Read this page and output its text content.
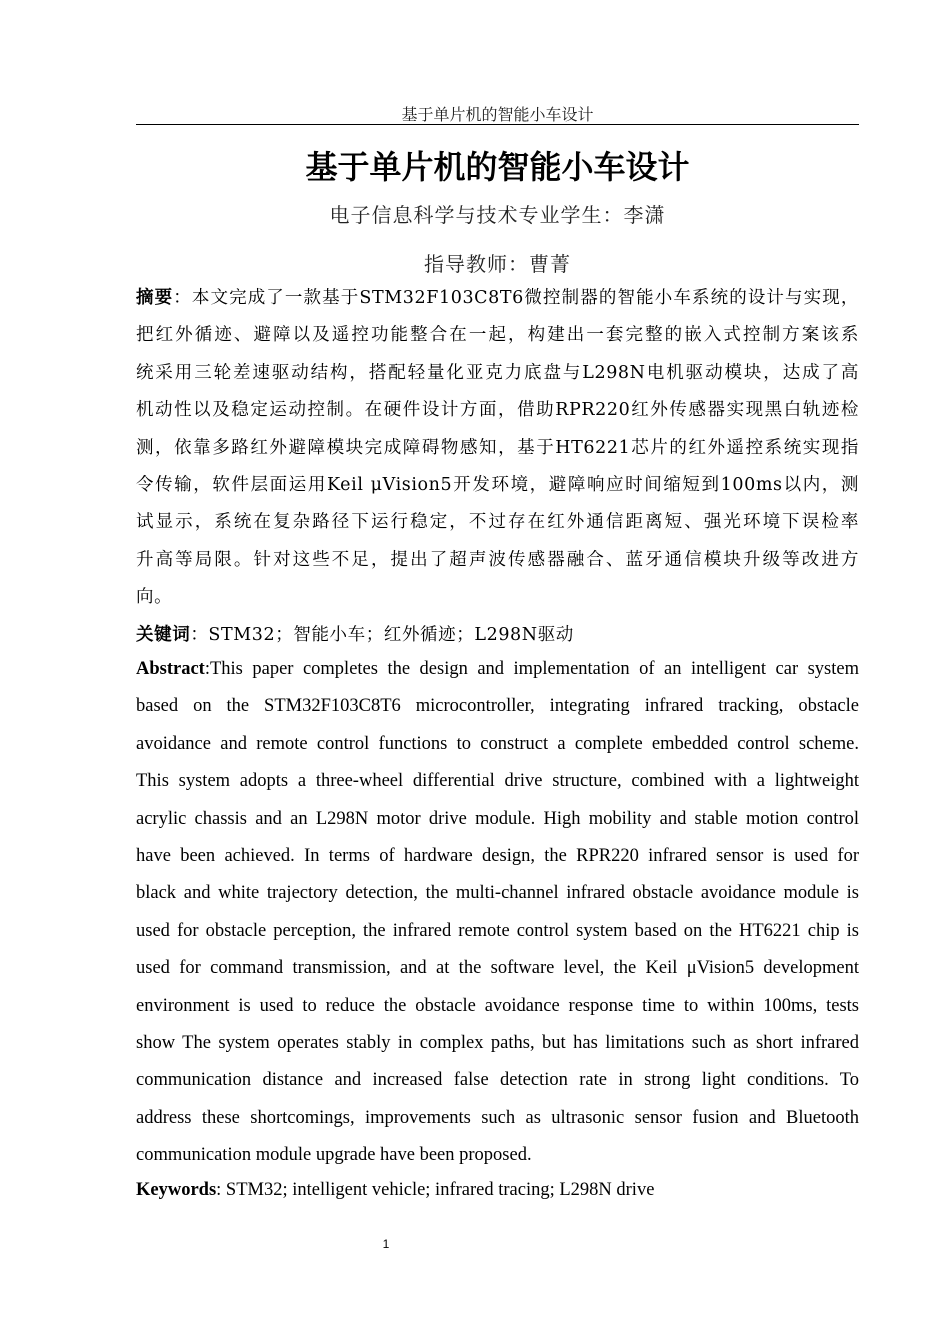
基于单片机的智能小车设计
基于单片机的智能小车设计
电子信息科学与技术专业学生：李潇
指导教师：曹菁
摘要：本文完成了一款基于STM32F103C8T6微控制器的智能小车系统的设计与实现，
把红外循迹、避障以及遥控功能整合在一起，构建出一套完整的嵌入式控制方案该系
统采用三轮差速驱动结构，搭配轻量化亚克力底盘与L298N电机驱动模块，达成了高
机动性以及稳定运动控制。在硬件设计方面，借助RPR220红外传感器实现黑白轨迹检
测，依靠多路红外避障模块完成障碍物感知，基于HT6221芯片的红外遥控系统实现指
令传输，软件层面运用Keil μVision5开发环境，避障响应时间缩短到100ms以内，测
试显示，系统在复杂路径下运行稳定，不过存在红外通信距离短、强光环境下误检率
升高等局限。针对这些不足，提出了超声波传感器融合、蓝牙通信模块升级等改进方
向。
关键词：STM32；智能小车；红外循迹；L298N驱动
Abstract:This paper completes the design and implementation of an intelligent car system
based on the STM32F103C8T6 microcontroller, integrating infrared tracking, obstacle
avoidance and remote control functions to construct a complete embedded control scheme.
This system adopts a three-wheel differential drive structure, combined with a lightweight
acrylic chassis and an L298N motor drive module. High mobility and stable motion control
have been achieved. In terms of hardware design, the RPR220 infrared sensor is used for
black and white trajectory detection, the multi-channel infrared obstacle avoidance module is
used for obstacle perception, the infrared remote control system based on the HT6221 chip is
used for command transmission, and at the software level, the Keil μVision5 development
environment is used to reduce the obstacle avoidance response time to within 100ms, tests
show The system operates stably in complex paths, but has limitations such as short infrared
communication distance and increased false detection rate in strong light conditions. To
address these shortcomings, improvements such as ultrasonic sensor fusion and Bluetooth
communication module upgrade have been proposed.
Keywords: STM32; intelligent vehicle; infrared tracing; L298N drive
1
